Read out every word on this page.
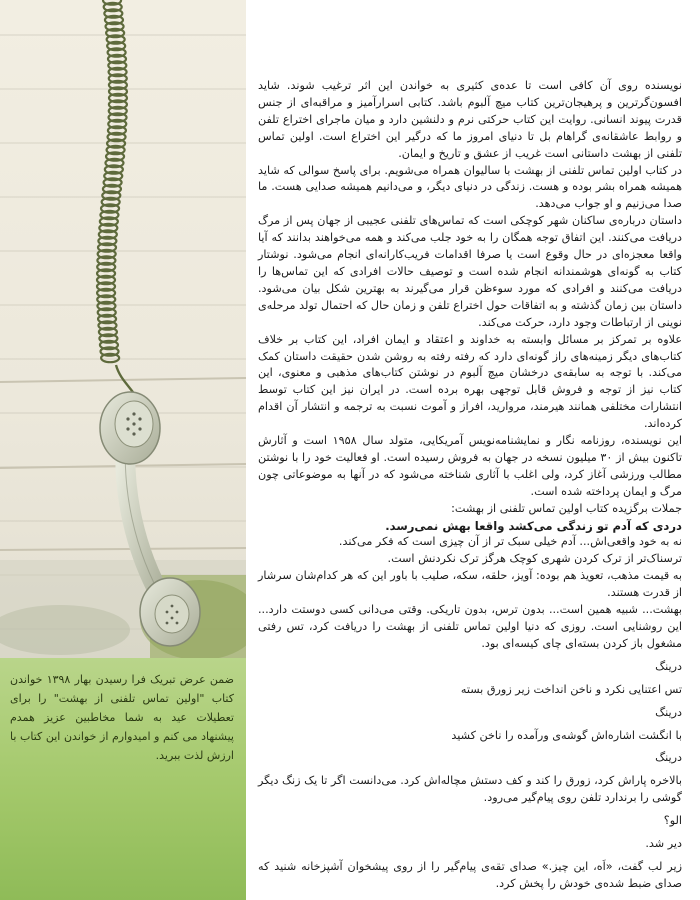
ضمن عرض تبریک فرا رسیدن بهار ۱۳۹۸ خواندن کتاب "اولین تماس تلفنی از بهشت" را برای تعطیلات عید به شما مخاطبین عزیز همدم پیشنهاد می کنم و امیدوارم از خواندن این کتاب با ارزش لذت ببرید.

نویسنده روی آن کافی است تا عده‌ی کثیری به خواندن این اثر ترغیب شوند. شاید افسون‌گرترین و پرهیجان‌ترین کتاب میچ آلبوم باشد. کتابی اسرارآمیز و مراقبه‌ای از جنس قدرت پیوند انسانی. روایت این کتاب حرکتی نرم و دلنشین دارد و میان ماجرای اختراع تلفن و روابط عاشقانه‌ی گراهام بل تا دنیای امروز ما که درگیر این اختراع است. اولین تماس تلفنی از بهشت داستانی است غریب از عشق و تاریخ و ایمان.

در کتاب اولین تماس تلفنی از بهشت با سالیوان همراه می‌شویم. برای پاسخ سوالی که شاید همیشه همراه بشر بوده و هست. زندگی در دنیای دیگر، و می‌دانیم همیشه صدایی هست. ما صدا می‌زنیم و او جواب می‌دهد.

داستان درباره‌ی ساکنان شهر کوچکی است که تماس‌های تلفنی عجیبی از جهان پس از مرگ دریافت می‌کنند. این اتفاق توجه همگان را به خود جلب می‌کند و همه می‌خواهند بدانند که آیا واقعا معجزه‌ای در حال وقوع است یا صرفا اقدامات فریب‌کارانه‌ای انجام می‌شود. نوشتار کتاب به گونه‌ای هوشمندانه انجام شده است و توصیف حالات افرادی که این تماس‌ها را دریافت می‌کنند و افرادی که مورد سوءظن قرار می‌گیرند به بهترین شکل بیان می‌شود. داستان بین زمان گذشته و به اتفاقات حول اختراع تلفن و زمان حال که احتمال تولد مرحله‌ی نوینی از ارتباطات وجود دارد، حرکت می‌کند.

علاوه بر تمرکز بر مسائل وابسته به خداوند و اعتقاد و ایمان افراد، این کتاب بر خلاف کتاب‌های دیگر زمینه‌های راز گونه‌ای دارد که رفته رفته به روشن شدن حقیقت داستان کمک می‌کند. با توجه به سابقه‌ی درخشان میچ آلبوم در نوشتن کتاب‌های مذهبی و معنوی، این کتاب نیز از توجه و فروش قابل توجهی بهره برده است. در ایران نیز این کتاب توسط انتشارات مختلفی همانند هیرمند، مروارید، افراز و آموت نسبت به ترجمه و انتشار آن اقدام کرده‌اند.

این نویسنده، روزنامه نگار و نمایشنامه‌نویس آمریکایی، متولد سال ۱۹۵۸ است و آثارش تاکنون بیش از ۳۰ میلیون نسخه در جهان به فروش رسیده است. او فعالیت خود را با نوشتن مطالب ورزشی آغاز کرد، ولی اغلب با آثاری شناخته می‌شود که در آنها به موضوعاتی چون مرگ و ایمان پرداخته شده است.

جملات برگزیده کتاب اولین تماس تلفنی از بهشت:

درد‌ی که آدم تو زندگی می‌کشد واقعا بهش نمی‌رسد.

نه به خود واقعی‌اش... آدم خیلی سبک تر از آن چیزی است که فکر می‌کند.

ترسناک‌تر از ترک کردن شهری کوچک هرگز ترک نکردنش است.

به قیمت مذهب، تعویذ هم بوده: آویز، حلقه، سکه، صلیب با باور این که هر کدام‌شان سرشار از قدرت هستند.

بهشت... شبیه همین است... بدون ترس، بدون تاریکی. وقتی می‌دانی کسی دوستت دارد... این روشنایی است. روزی که دنیا اولین تماس تلفنی از بهشت را دریافت کرد، تس رفتی مشغول باز کردن بسته‌ای چای کیسه‌ای بود.

درینگ

تس اعتنایی نکرد و ناخن انداخت زیر زورق بسته

درینگ

با انگشت اشاره‌اش گوشه‌ی ورآمده را ناخن کشید

درینگ

بالاخره پاراش کرد، زورق را کند و کف دستش مچاله‌اش کرد. می‌دانست اگر تا یک زنگ دیگر گوشی را برندارد تلفن روی پیام‌گیر می‌رود.

الو؟

دیر شد.

زیر لب گفت، «اَه، این چیز.» صدای تقه‌ی پیام‌گیر را از روی پیشخوان آشپزخانه شنید که صدای ضبط شده‌ی خودش را پخش کرد.
